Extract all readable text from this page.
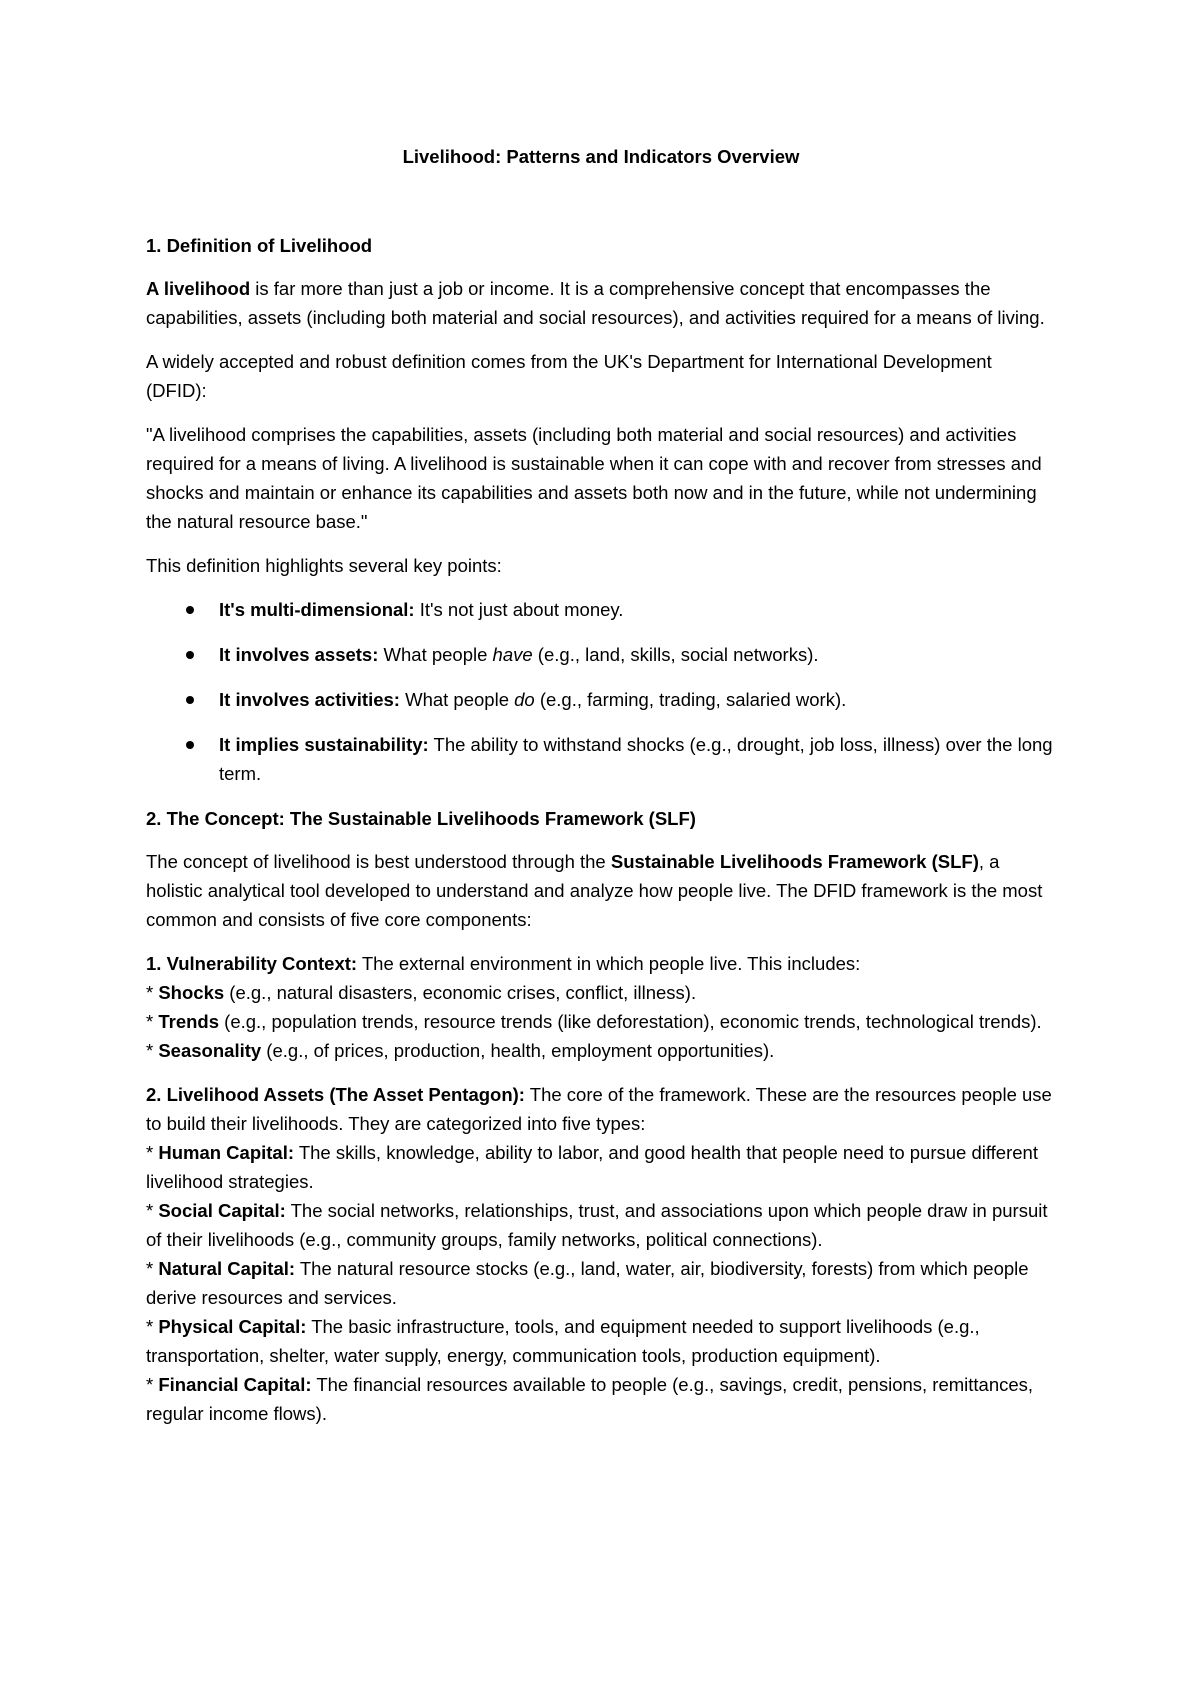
Livelihood: Patterns and Indicators Overview
1. Definition of Livelihood

A livelihood is far more than just a job or income. It is a comprehensive concept that encompasses the capabilities, assets (including both material and social resources), and activities required for a means of living.

A widely accepted and robust definition comes from the UK's Department for International Development (DFID):

"A livelihood comprises the capabilities, assets (including both material and social resources) and activities required for a means of living. A livelihood is sustainable when it can cope with and recover from stresses and shocks and maintain or enhance its capabilities and assets both now and in the future, while not undermining the natural resource base."

This definition highlights several key points:

It's multi-dimensional: It's not just about money.
It involves assets: What people have (e.g., land, skills, social networks).
It involves activities: What people do (e.g., farming, trading, salaried work).
It implies sustainability: The ability to withstand shocks (e.g., drought, job loss, illness) over the long term.
2. The Concept: The Sustainable Livelihoods Framework (SLF)

The concept of livelihood is best understood through the Sustainable Livelihoods Framework (SLF), a holistic analytical tool developed to understand and analyze how people live. The DFID framework is the most common and consists of five core components:

1. Vulnerability Context: The external environment in which people live. This includes:
* Shocks (e.g., natural disasters, economic crises, conflict, illness).
* Trends (e.g., population trends, resource trends (like deforestation), economic trends, technological trends).
* Seasonality (e.g., of prices, production, health, employment opportunities).
2. Livelihood Assets (The Asset Pentagon): The core of the framework. These are the resources people use to build their livelihoods. They are categorized into five types:
* Human Capital: The skills, knowledge, ability to labor, and good health that people need to pursue different livelihood strategies.
* Social Capital: The social networks, relationships, trust, and associations upon which people draw in pursuit of their livelihoods (e.g., community groups, family networks, political connections).
* Natural Capital: The natural resource stocks (e.g., land, water, air, biodiversity, forests) from which people derive resources and services.
* Physical Capital: The basic infrastructure, tools, and equipment needed to support livelihoods (e.g., transportation, shelter, water supply, energy, communication tools, production equipment).
* Financial Capital: The financial resources available to people (e.g., savings, credit, pensions, remittances, regular income flows).
